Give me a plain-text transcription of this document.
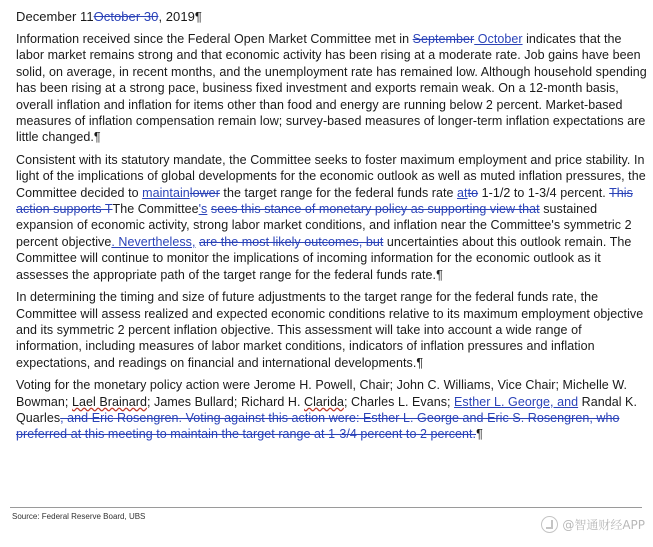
December 11October 30, 2019¶

Information received since the Federal Open Market Committee met in September October indicates that the labor market remains strong and that economic activity has been rising at a moderate rate. Job gains have been solid, on average, in recent months, and the unemployment rate has remained low. Although household spending has been rising at a strong pace, business fixed investment and exports remain weak. On a 12-month basis, overall inflation and inflation for items other than food and energy are running below 2 percent. Market-based measures of inflation compensation remain low; survey-based measures of longer-term inflation expectations are little changed.¶

Consistent with its statutory mandate, the Committee seeks to foster maximum employment and price stability. In light of the implications of global developments for the economic outlook as well as muted inflation pressures, the Committee decided to maintainlower the target range for the federal funds rate atto 1-1/2 to 1-3/4 percent. This action supports TThe Committee's sees this stance of monetary policy as supporting view that sustained expansion of economic activity, strong labor market conditions, and inflation near the Committee's symmetric 2 percent objective. Nevertheless, are the most likely outcomes, but uncertainties about this outlook remain. The Committee will continue to monitor the implications of incoming information for the economic outlook as it assesses the appropriate path of the target range for the federal funds rate.¶

In determining the timing and size of future adjustments to the target range for the federal funds rate, the Committee will assess realized and expected economic conditions relative to its maximum employment objective and its symmetric 2 percent inflation objective. This assessment will take into account a wide range of information, including measures of labor market conditions, indicators of inflation pressures and inflation expectations, and readings on financial and international developments.¶

Voting for the monetary policy action were Jerome H. Powell, Chair; John C. Williams, Vice Chair; Michelle W. Bowman; Lael Brainard; James Bullard; Richard H. Clarida; Charles L. Evans; Esther L. George, and Randal K. Quarles, and Eric Rosengren. Voting against this action were: Esther L. George and Eric S. Rosengren, who preferred at this meeting to maintain the target range at 1-3/4 percent to 2 percent.¶

Source: Federal Reserve Board, UBS
@智通财经APP
